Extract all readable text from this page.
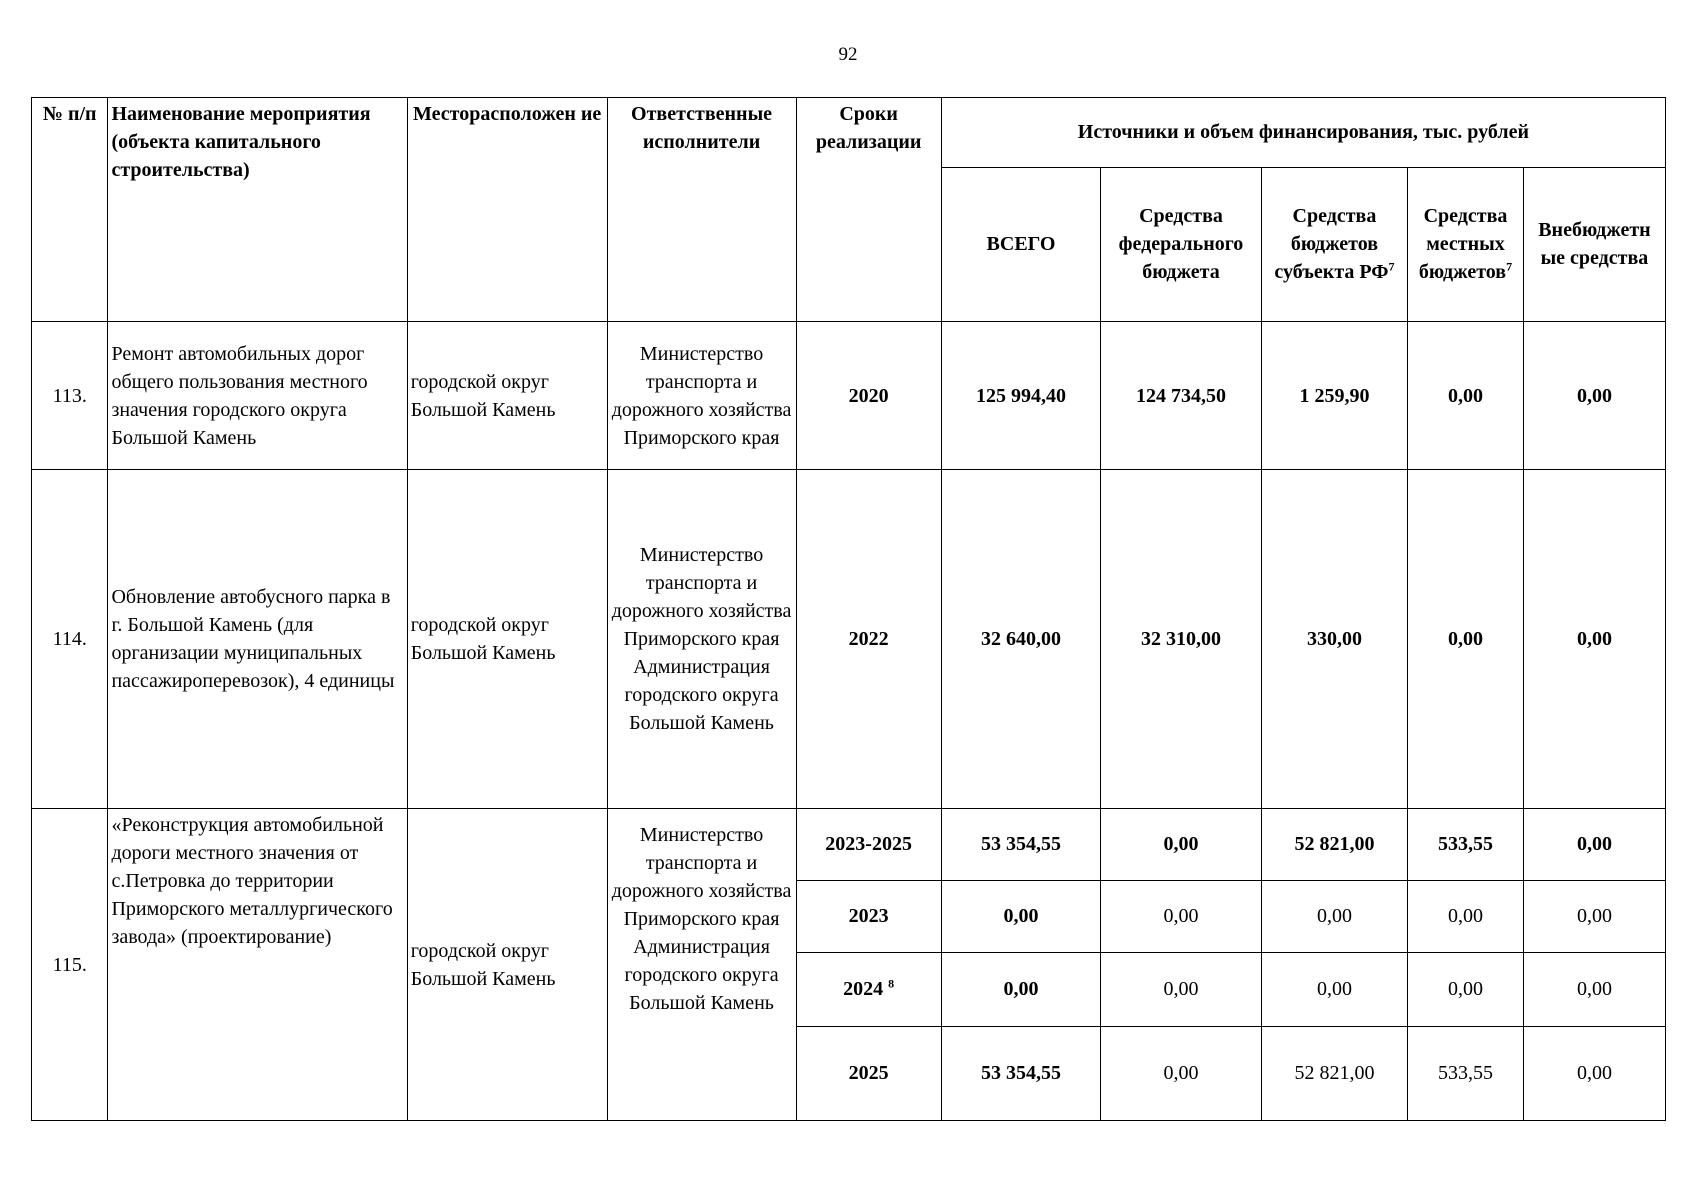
92
№ п/п	Наименование мероприятия (объекта капитального строительства)	Месторасположен ие	Ответственные исполнители	Сроки реализации	Источники и объем финансирования, тыс. рублей				
					ВСЕГО	Средства федерального бюджета	Средства бюджетов субъекта $РФ^7$	Средства местных бюджетов$^7$	Внебюджетн ые средства
113.	Ремонт автомобильных дорог общего пользования местного значения городского округа Большой Камень	городской округ Большой Камень	Министерство транспорта и дорожного хозяйства Приморского края	2020	125 994,40	124 734,50	1 259,90	0,00	0,00
114.	Обновление автобусного парка в г. Большой Камень (для организации муниципальных пассажироперевозок), 4 единицы	городской округ Большой Камень	Министерство транспорта и дорожного хозяйства Приморского края Администрация городского округа Большой Камень	2022	32 640,00	32 310,00	330,00	0,00	0,00
115.	«Реконструкция автомобильной дороги местного значения от с.Петровка до территории Приморского металлургического завода» (проектирование)	городской округ Большой Камень	Министерство транспорта и дорожного хозяйства Приморского края Администрация городского округа Большой Камень	2023-2025	53 354,55	0,00	52 821,00	533,55	0,00
				2023	0,00	0,00	0,00	0,00	0,00
				2024 $^8$	0,00	0,00	0,00	0,00	0,00
				2025	53 354,55	0,00	52 821,00	533,55	0,00
